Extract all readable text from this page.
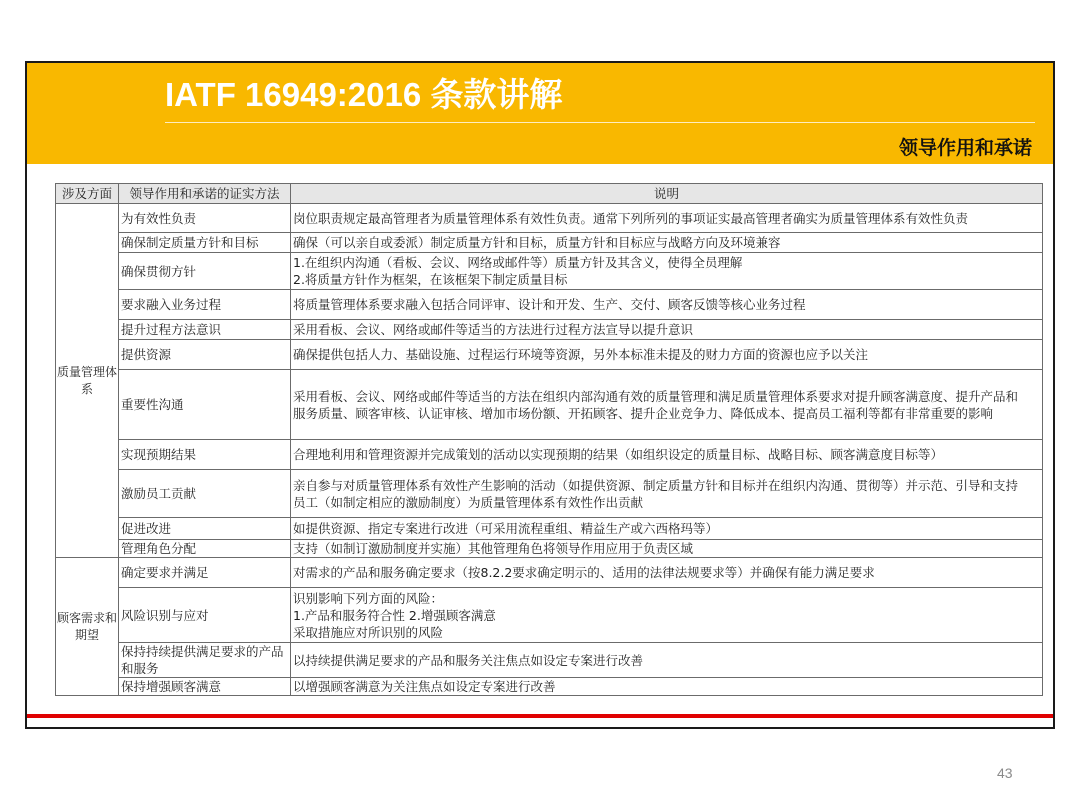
IATF 16949:2016 条款讲解
领导作用和承诺
涉及方面	领导作用和承诺的证实方法	说明

质量管理体
系	为有效性负责	岗位职责规定最高管理者为质量管理体系有效性负责。通常下列所列的事项证实最高管理者确实为质量管理体系有效性负责

	确保制定质量方针和目标	确保（可以亲自或委派）制定质量方针和目标，质量方针和目标应与战略方向及环境兼容

	确保贯彻方针	1.在组织内沟通（看板、会议、网络或邮件等）质量方针及其含义，使得全员理解
2.将质量方针作为框架，在该框架下制定质量目标

	要求融入业务过程	将质量管理体系要求融入包括合同评审、设计和开发、生产、交付、顾客反馈等核心业务过程

	提升过程方法意识	采用看板、会议、网络或邮件等适当的方法进行过程方法宣导以提升意识

	提供资源	确保提供包括人力、基础设施、过程运行环境等资源，另外本标准未提及的财力方面的资源也应予以关注

	重要性沟通	采用看板、会议、网络或邮件等适当的方法在组织内部沟通有效的质量管理和满足质量管理体系要求对提升顾客满意度、提升产品和
服务质量、顾客审核、认证审核、增加市场份额、开拓顾客、提升企业竞争力、降低成本、提高员工福利等都有非常重要的影响

	实现预期结果	合理地利用和管理资源并完成策划的活动以实现预期的结果（如组织设定的质量目标、战略目标、顾客满意度目标等）

	激励员工贡献	亲自参与对质量管理体系有效性产生影响的活动（如提供资源、制定质量方针和目标并在组织内沟通、贯彻等）并示范、引导和支持
员工（如制定相应的激励制度）为质量管理体系有效性作出贡献

	促进改进	如提供资源、指定专案进行改进（可采用流程重组、精益生产或六西格玛等）

	管理角色分配	支持（如制订激励制度并实施）其他管理角色将领导作用应用于负责区域

顾客需求和
期望	确定要求并满足	对需求的产品和服务确定要求（按8.2.2要求确定明示的、适用的法律法规要求等）并确保有能力满足要求

	风险识别与应对	识别影响下列方面的风险：
1.产品和服务符合性 2.增强顾客满意
采取措施应对所识别的风险

	保持持续提供满足要求的产品
和服务	以持续提供满足要求的产品和服务关注焦点如设定专案进行改善

	保持增强顾客满意	以增强顾客满意为关注焦点如设定专案进行改善
43
